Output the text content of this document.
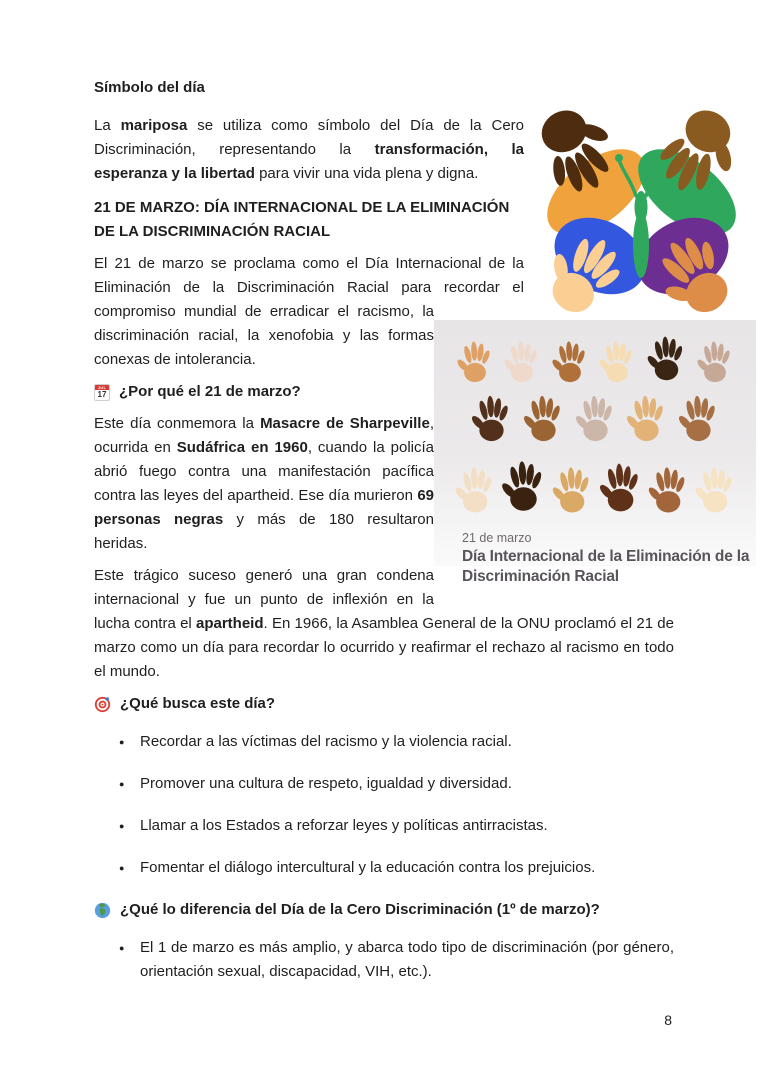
Símbolo del día
21 de marzo
Día Internacional de la Eliminación de la Discriminación Racial

La mariposa se utiliza como símbolo del Día de la Cero Discriminación, representando la transformación, la esperanza y la libertad para vivir una vida plena y digna.

21 DE MARZO: DÍA INTERNACIONAL DE LA ELIMINACIÓN DE LA DISCRIMINACIÓN RACIAL

El 21 de marzo se proclama como el Día Internacional de la Eliminación de la Discriminación Racial para recordar el compromiso mundial de erradicar el racismo, la discriminación racial, la xenofobia y las formas conexas de intolerancia.

JUL
17 ¿Por qué el 21 de marzo?

Este día conmemora la Masacre de Sharpeville, ocurrida en Sudáfrica en 1960, cuando la policía abrió fuego contra una manifestación pacífica contra las leyes del apartheid. Ese día murieron 69 personas negras y más de 180 resultaron heridas.

Este trágico suceso generó una gran condena internacional y fue un punto de inflexión en la lucha contra el apartheid. En 1966, la Asamblea General de la ONU proclamó el 21 de marzo como un día para recordar lo ocurrido y reafirmar el rechazo al racismo en todo el mundo.

¿Qué busca este día?
● Recordar a las víctimas del racismo y la violencia racial.
● Promover una cultura de respeto, igualdad y diversidad.
● Llamar a los Estados a reforzar leyes y políticas antirracistas.
● Fomentar el diálogo intercultural y la educación contra los prejuicios.
¿Qué lo diferencia del Día de la Cero Discriminación (1º de marzo)?
● El 1 de marzo es más amplio, y abarca todo tipo de discriminación (por género, orientación sexual, discapacidad, VIH, etc.).
8
